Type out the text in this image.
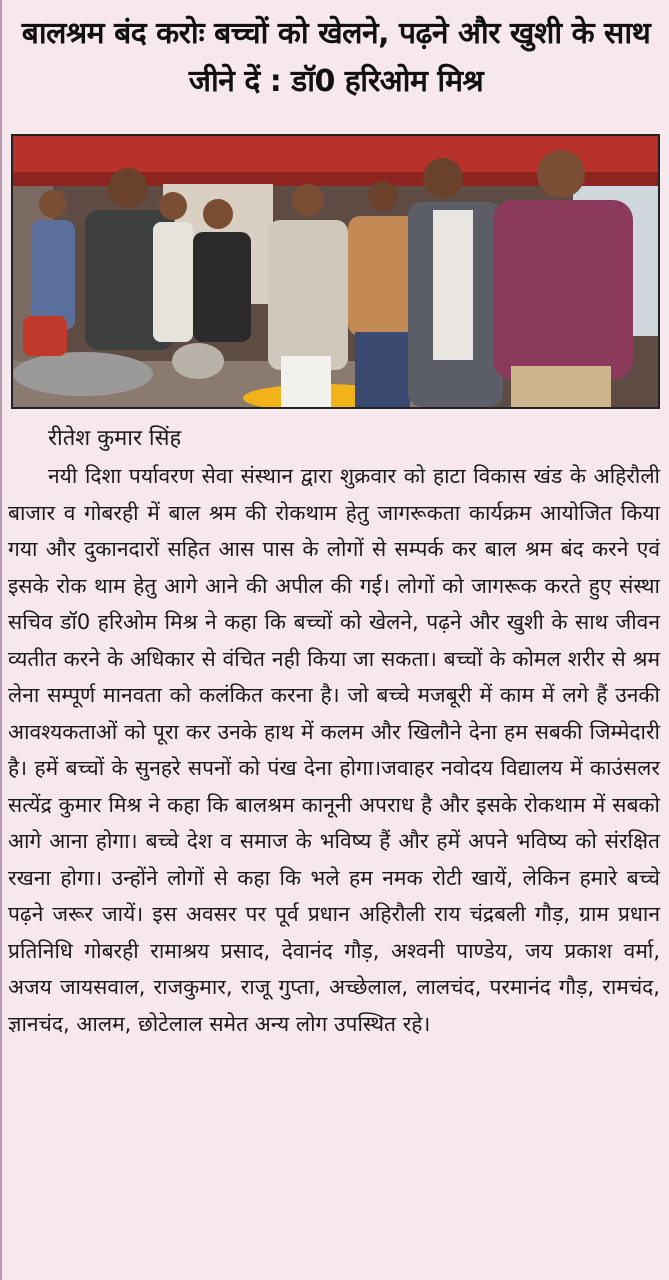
बालश्रम बंद करोः बच्चों को खेलने, पढ़ने और खुशी के साथ जीने दें : डॉ0 हरिओम मिश्र

रीतेश कुमार सिंह

नयी दिशा पर्यावरण सेवा संस्थान द्वारा शुक्रवार को हाटा विकास खंड के अहिरौली बाजार व गोबरही में बाल श्रम की रोकथाम हेतु जागरूकता कार्यक्रम आयोजित किया गया और दुकानदारों सहित आस पास के लोगों से सम्पर्क कर बाल श्रम बंद करने एवं इसके रोक थाम हेतु आगे आने की अपील की गई। लोगों को जागरूक करते हुए संस्था सचिव डॉ0 हरिओम मिश्र ने कहा कि बच्चों को खेलने, पढ़ने और खुशी के साथ जीवन व्यतीत करने के अधिकार से वंचित नही किया जा सकता। बच्चों के कोमल शरीर से श्रम लेना सम्पूर्ण मानवता को कलंकित करना है। जो बच्चे मजबूरी में काम में लगे हैं उनकी आवश्यकताओं को पूरा कर उनके हाथ में कलम और खिलौने देना हम सबकी जिम्मेदारी है। हमें बच्चों के सुनहरे सपनों को पंख देना होगा।जवाहर नवोदय विद्यालय में काउंसलर सत्येंद्र कुमार मिश्र ने कहा कि बालश्रम कानूनी अपराध है और इसके रोकथाम में सबको आगे आना होगा। बच्चे देश व समाज के भविष्य हैं और हमें अपने भविष्य को संरक्षित रखना होगा। उन्होंने लोगों से कहा कि भले हम नमक रोटी खायें, लेकिन हमारे बच्चे पढ़ने जरूर जायें। इस अवसर पर पूर्व प्रधान अहिरौली राय चंद्रबली गौड़, ग्राम प्रधान प्रतिनिधि गोबरही रामाश्रय प्रसाद, देवानंद गौड़, अश्वनी पाण्डेय, जय प्रकाश वर्मा, अजय जायसवाल, राजकुमार, राजू गुप्ता, अच्छेलाल, लालचंद, परमानंद गौड़, रामचंद, ज्ञानचंद, आलम, छोटेलाल समेत अन्य लोग उपस्थित रहे।
